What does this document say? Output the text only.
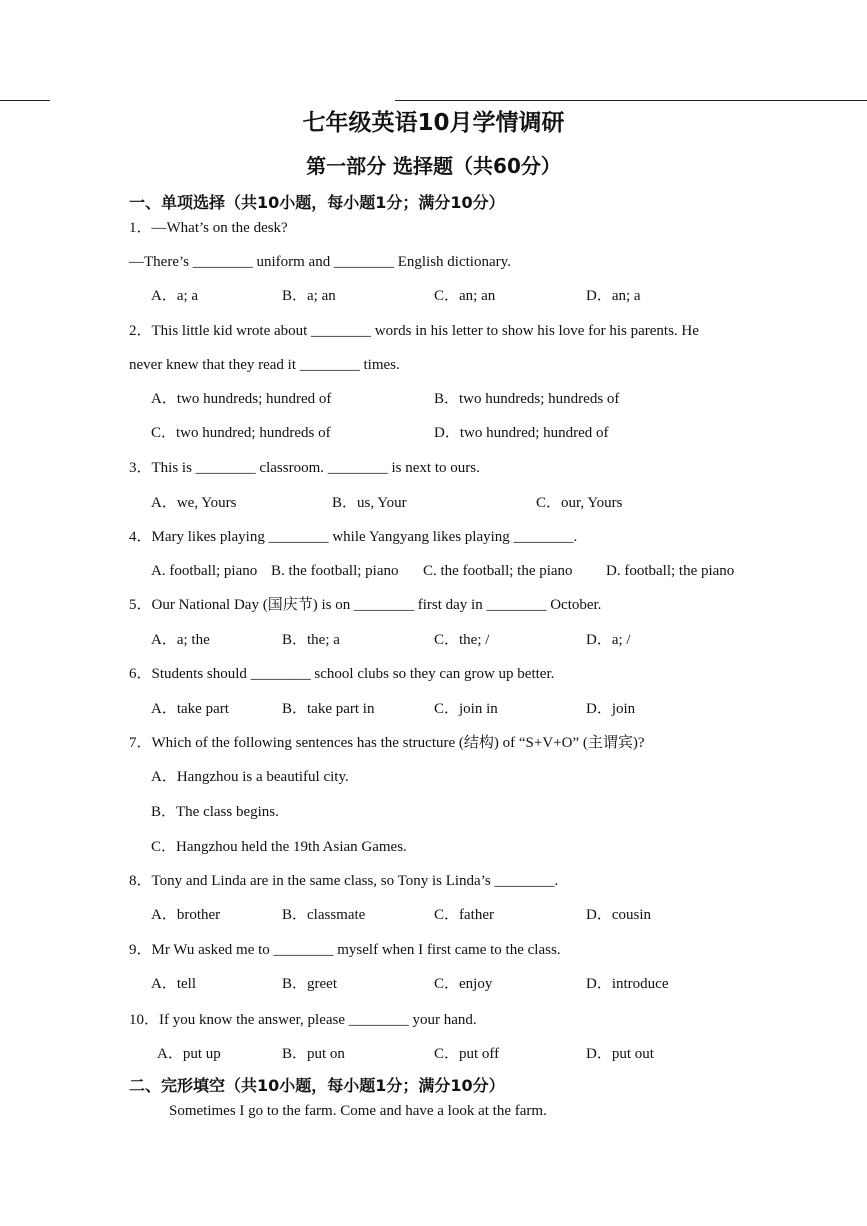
七年级英语10月学情调研
第一部分 选择题（共60分）
一、单项选择（共10小题，每小题1分；满分10分）
1．—What’s on the desk?
—There’s ________ uniform and ________ English dictionary.
A．a; a	B．a; an	C．an; an	D．an; a
2．This little kid wrote about ________ words in his letter to show his love for his parents. He
never knew that they read it ________ times.
A．two hundreds; hundred of	B．two hundreds; hundreds of
C．two hundred; hundreds of	D．two hundred; hundred of
3．This is ________ classroom. ________ is next to ours.
A．we, Yours	B．us, Your	C．our, Yours
4．Mary likes playing ________ while Yangyang likes playing ________.
A. football; piano B. the football; piano C. the football; the piano D. football; the piano
5．Our National Day (国庆节) is on ________ first day in ________ October.
A．a; the	B．the; a	C．the; /	D．a; /
6．Students should ________ school clubs so they can grow up better.
A．take part	B．take part in	C．join in	D．join
7．Which of the following sentences has the structure (结构) of “S+V+O” (主谓宾)?
A．Hangzhou is a beautiful city.
B．The class begins.
C．Hangzhou held the 19th Asian Games.
8．Tony and Linda are in the same class, so Tony is Linda’s ________.
A．brother	B．classmate	C．father	D．cousin
9．Mr Wu asked me to ________ myself when I first came to the class.
A．tell	B．greet	C．enjoy	D．introduce
10．If you know the answer, please ________ your hand.
A．put up	B．put on	C．put off	D．put out
二、完形填空（共10小题，每小题1分；满分10分）
Sometimes I go to the farm. Come and have a look at the farm.
